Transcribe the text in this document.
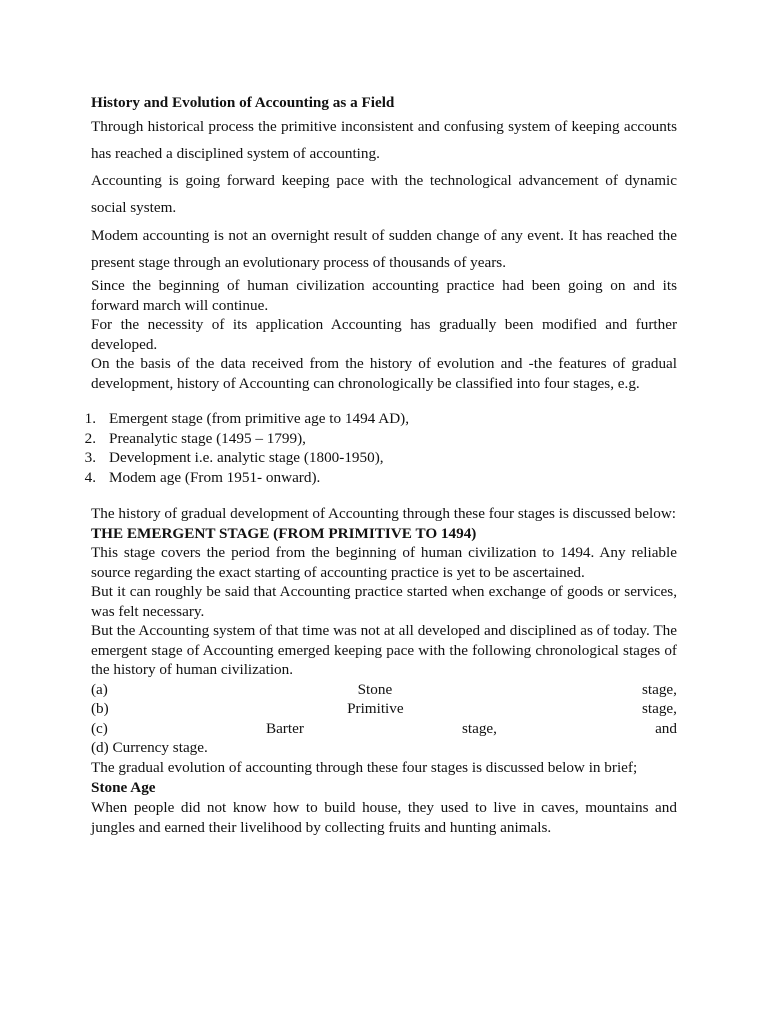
History and Evolution of Accounting as a Field

Through historical process the primitive inconsistent and confusing system of keeping accounts has reached a disciplined system of accounting.

Accounting is going forward keeping pace with the technological advancement of dynamic social system.

Modem accounting is not an overnight result of sudden change of any event. It has reached the present stage through an evolutionary process of thousands of years.

Since the beginning of human civilization accounting practice had been going on and its forward march will continue.

For the necessity of its application Accounting has gradually been modified and further developed.

On the basis of the data received from the history of evolution and -the features of gradual development, history of Accounting can chronologically be classified into four stages, e.g.

1. Emergent stage (from primitive age to 1494 AD),
2. Preanalytic stage (1495 – 1799),
3. Development i.e. analytic stage (1800-1950),
4. Modem age (From 1951- onward).

The history of gradual development of Accounting through these four stages is discussed below:

THE EMERGENT STAGE (FROM PRIMITIVE TO 1494)

This stage covers the period from the beginning of human civilization to 1494. Any reliable source regarding the exact starting of accounting practice is yet to be ascertained.

But it can roughly be said that Accounting practice started when exchange of goods or services, was felt necessary.

But the Accounting system of that time was not at all developed and disciplined as of today. The emergent stage of Accounting emerged keeping pace with the following chronological stages of the history of human civilization.

(a)	Stone	stage,
(b)	Primitive	stage,
(c)	Barter	stage,	and
(d) Currency stage.

The gradual evolution of accounting through these four stages is discussed below in brief;

Stone Age

When people did not know how to build house, they used to live in caves, mountains and jungles and earned their livelihood by collecting fruits and hunting animals.
